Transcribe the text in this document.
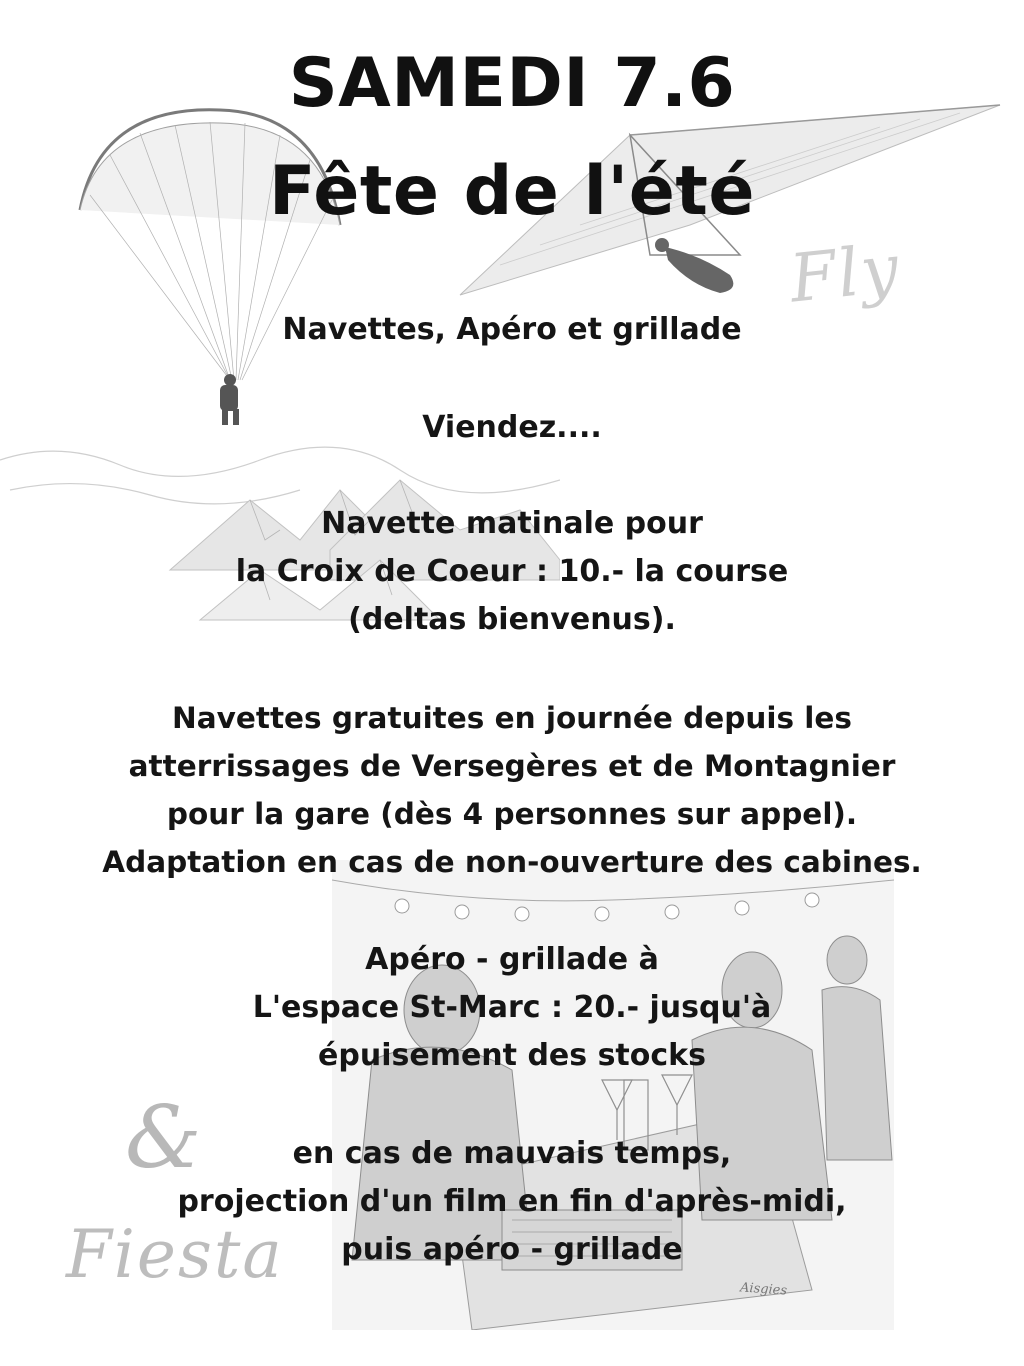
Fly
&
Fiesta	Aisgies
SAMEDI 7.6
Fête de l'été
Navettes, Apéro et grillade
Viendez....
Navette matinale pour
la Croix de Coeur : 10.- la course
(deltas bienvenus).
Navettes gratuites en journée depuis les
atterrissages de Versegères et de Montagnier
pour la gare (dès 4 personnes sur appel).
Adaptation en cas de non-ouverture des cabines.
Apéro - grillade à
L'espace St-Marc : 20.- jusqu'à
épuisement des stocks
en cas de mauvais temps,
projection d'un film en fin d'après-midi,
puis apéro - grillade
